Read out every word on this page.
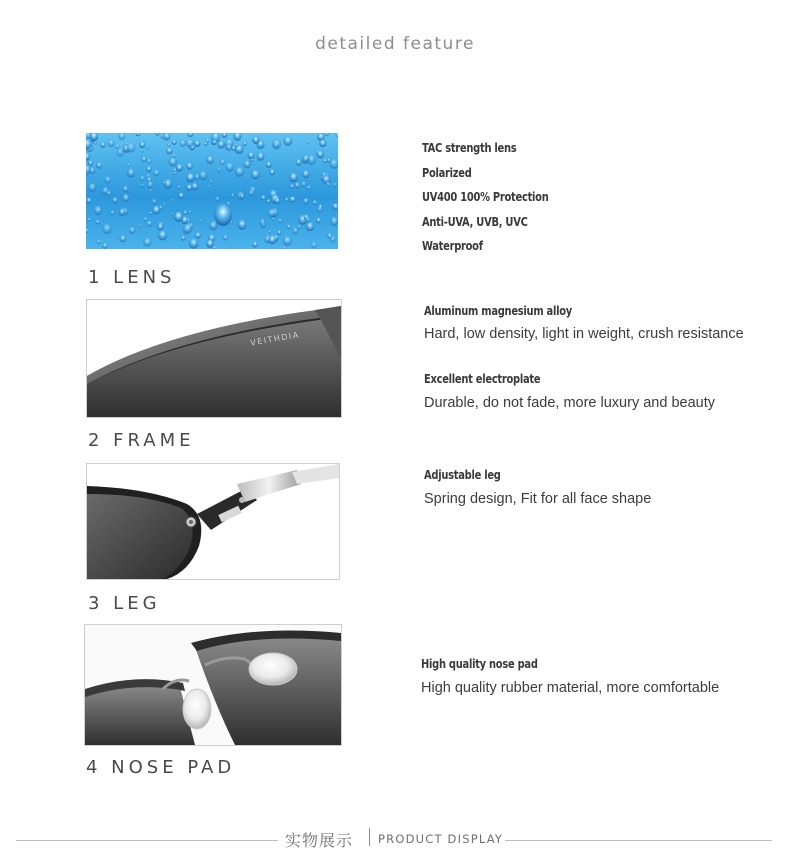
detailed feature
1 LENS
TAC strength lens
Polarized
UV400 100% Protection
Anti-UVA, UVB, UVC
Waterproof
VEITHDIA
2 FRAME
Aluminum magnesium alloy
Hard, low density, light in weight, crush resistance
Excellent electroplate
Durable, do not fade, more luxury and beauty
3 LEG
Adjustable leg
Spring design, Fit for all face shape
4 NOSE PAD
High quality nose pad
High quality rubber material, more comfortable
实物展示 PRODUCT DISPLAY
